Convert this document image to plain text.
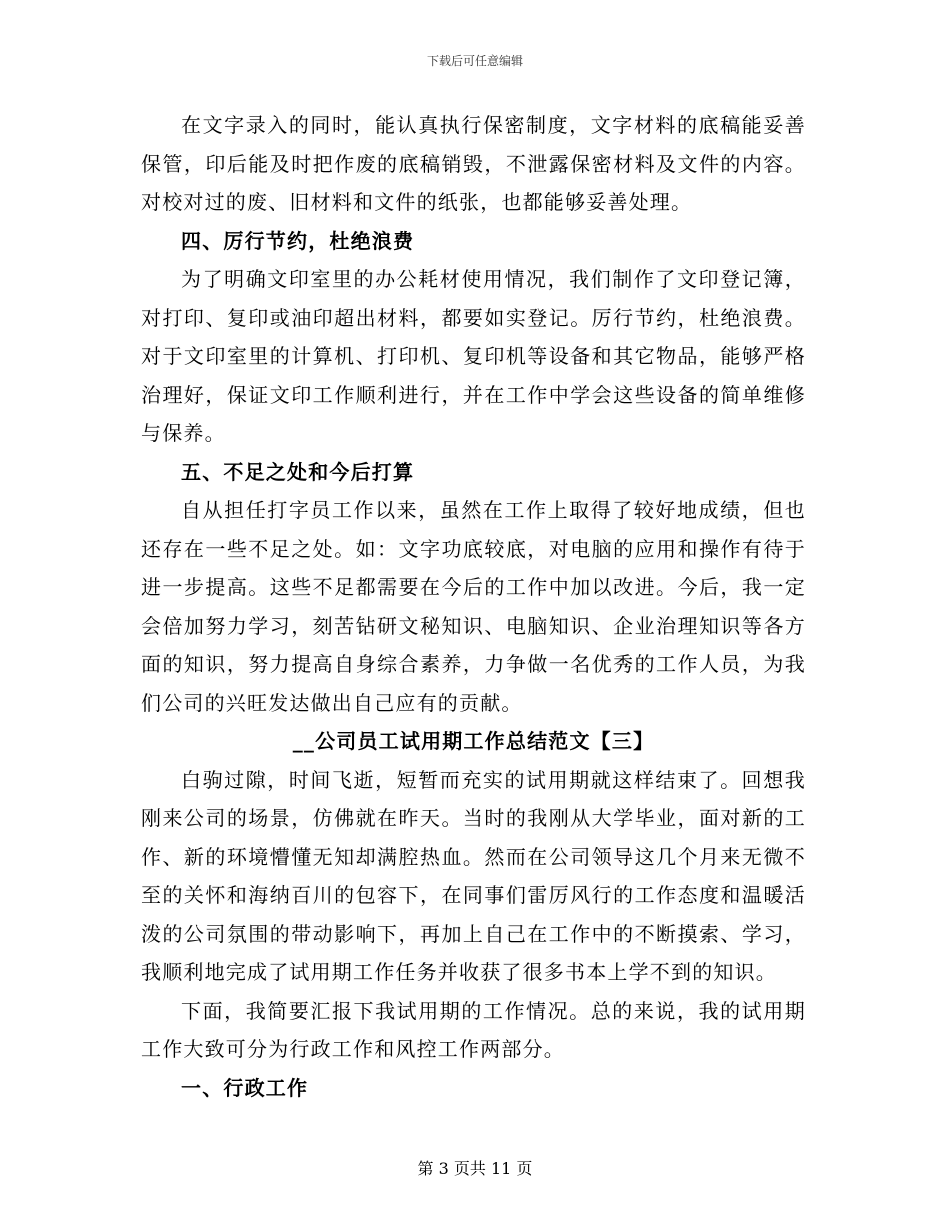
下载后可任意编辑

在文字录入的同时，能认真执行保密制度，文字材料的底稿能妥善保管，印后能及时把作废的底稿销毁，不泄露保密材料及文件的内容。对校对过的废、旧材料和文件的纸张，也都能够妥善处理。

四、厉行节约，杜绝浪费

为了明确文印室里的办公耗材使用情况，我们制作了文印登记簿，对打印、复印或油印超出材料，都要如实登记。厉行节约，杜绝浪费。对于文印室里的计算机、打印机、复印机等设备和其它物品，能够严格治理好，保证文印工作顺利进行，并在工作中学会这些设备的简单维修与保养。

五、不足之处和今后打算

自从担任打字员工作以来，虽然在工作上取得了较好地成绩，但也还存在一些不足之处。如：文字功底较底，对电脑的应用和操作有待于进一步提高。这些不足都需要在今后的工作中加以改进。今后，我一定会倍加努力学习，刻苦钻研文秘知识、电脑知识、企业治理知识等各方面的知识，努力提高自身综合素养，力争做一名优秀的工作人员，为我们公司的兴旺发达做出自己应有的贡献。

__公司员工试用期工作总结范文【三】

白驹过隙，时间飞逝，短暂而充实的试用期就这样结束了。回想我刚来公司的场景，仿佛就在昨天。当时的我刚从大学毕业，面对新的工作、新的环境懵懂无知却满腔热血。然而在公司领导这几个月来无微不至的关怀和海纳百川的包容下，在同事们雷厉风行的工作态度和温暖活泼的公司氛围的带动影响下，再加上自己在工作中的不断摸索、学习，我顺利地完成了试用期工作任务并收获了很多书本上学不到的知识。

下面，我简要汇报下我试用期的工作情况。总的来说，我的试用期工作大致可分为行政工作和风控工作两部分。

一、行政工作
第 3 页共 11 页
